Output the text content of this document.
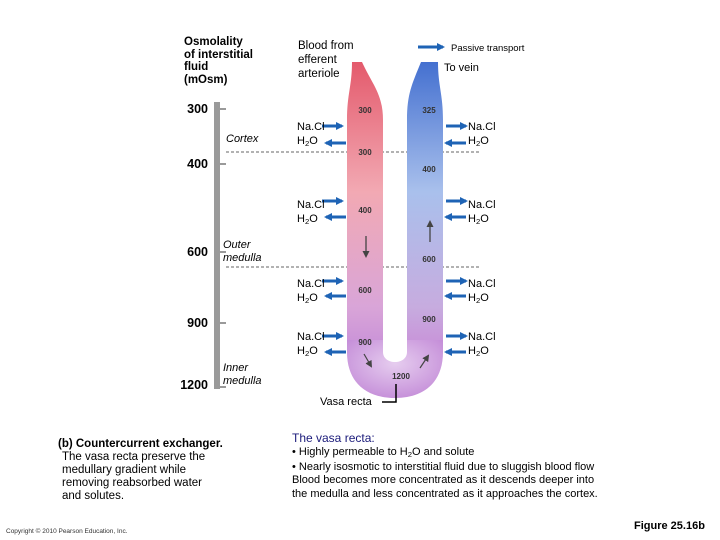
300
300
400
600
900
325
400
600
900
1200
Osmolality
of interstitial
fluid
(mOsm)
300
400
600
900
1200
Cortex
Outer
medulla
Inner
medulla
Blood from
efferent
arteriole
Passive transport
To vein
Na.Cl
$H_2O$
Na.Cl
$H_2O$
Na.Cl
$H_2O$
Na.Cl
$H_2O$
Na.Cl
$H_2O$
Na.Cl
$H_2O$
Na.Cl
$H_2O$
Na.Cl
$H_2O$
Vasa recta
(b) Countercurrent exchanger.
The vasa recta preserve the
medullary gradient while
removing reabsorbed water
and solutes.
The vasa recta:
• Highly permeable to $H_2O$ and solute
• Nearly isosmotic to interstitial fluid due to sluggish blood flow
Blood becomes more concentrated as it descends deeper into
the medulla and less concentrated as it approaches the cortex.
Copyright © 2010 Pearson Education, Inc.	Figure 25.16b
